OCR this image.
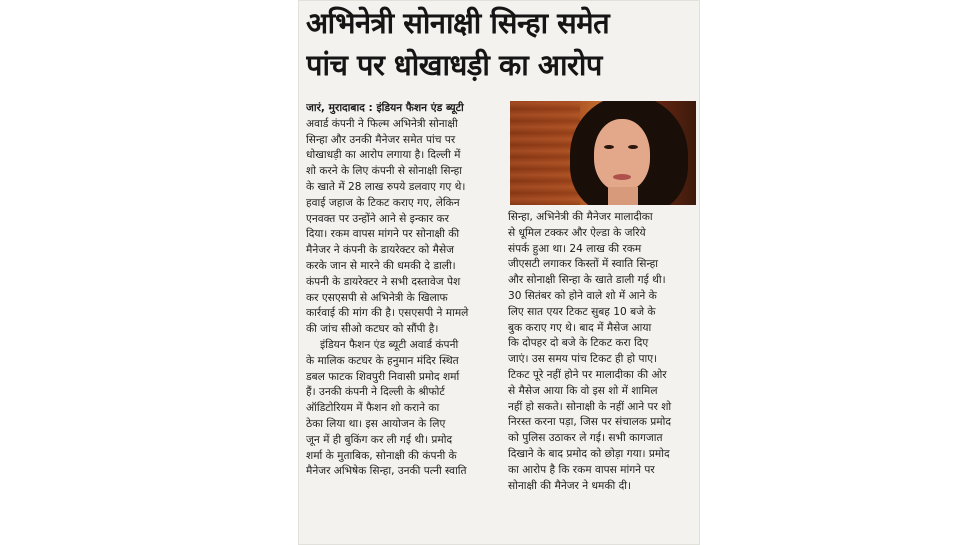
अभिनेत्री सोनाक्षी सिन्हा समेत
पांच पर धोखाधड़ी का आरोप
जारं, मुरादाबाद : इंडियन फैशन एंड ब्यूटी
अवार्ड कंपनी ने फिल्म अभिनेत्री सोनाक्षी
सिन्हा और उनकी मैनेजर समेत पांच पर
धोखाधड़ी का आरोप लगाया है। दिल्ली में
शो करने के लिए कंपनी से सोनाक्षी सिन्हा
के खाते में 28 लाख रुपये डलवाए गए थे।
हवाई जहाज के टिकट कराए गए, लेकिन
एनवक्त पर उन्होंने आने से इन्कार कर
दिया। रकम वापस मांगने पर सोनाक्षी की
मैनेजर ने कंपनी के डायरेक्टर को मैसेज
करके जान से मारने की धमकी दे डाली।
कंपनी के डायरेक्टर ने सभी दस्तावेज पेश
कर एसएसपी से अभिनेत्री के खिलाफ
कार्रवाई की मांग की है। एसएसपी ने मामले
की जांच सीओ कटघर को सौंपी है।
इंडियन फैशन एंड ब्यूटी अवार्ड कंपनी
के मालिक कटघर के हनुमान मंदिर स्थित
डबल फाटक शिवपुरी निवासी प्रमोद शर्मा
हैं। उनकी कंपनी ने दिल्ली के श्रीफोर्ट
ऑडिटोरियम में फैशन शो कराने का
ठेका लिया था। इस आयोजन के लिए
जून में ही बुकिंग कर ली गई थी। प्रमोद
शर्मा के मुताबिक, सोनाक्षी की कंपनी के
मैनेजर अभिषेक सिन्हा, उनकी पत्नी स्वाति
सिन्हा, अभिनेत्री की मैनेजर मालादीका
से धूमिल टक्कर और ऐल्डा के जरिये
संपर्क हुआ था। 24 लाख की रकम
जीएसटी लगाकर किस्तों में स्वाति सिन्हा
और सोनाक्षी सिन्हा के खाते डाली गई थी।
30 सितंबर को होने वाले शो में आने के
लिए सात एयर टिकट सुबह 10 बजे के
बुक कराए गए थे। बाद में मैसेज आया
कि दोपहर दो बजे के टिकट करा दिए
जाएं। उस समय पांच टिकट ही हो पाए।
टिकट पूरे नहीं होने पर मालादीका की ओर
से मैसेज आया कि वो इस शो में शामिल
नहीं हो सकते। सोनाक्षी के नहीं आने पर शो
निरस्त करना पड़ा, जिस पर संचालक प्रमोद
को पुलिस उठाकर ले गई। सभी कागजात
दिखाने के बाद प्रमोद को छोड़ा गया। प्रमोद
का आरोप है कि रकम वापस मांगने पर
सोनाक्षी की मैनेजर ने धमकी दी।
